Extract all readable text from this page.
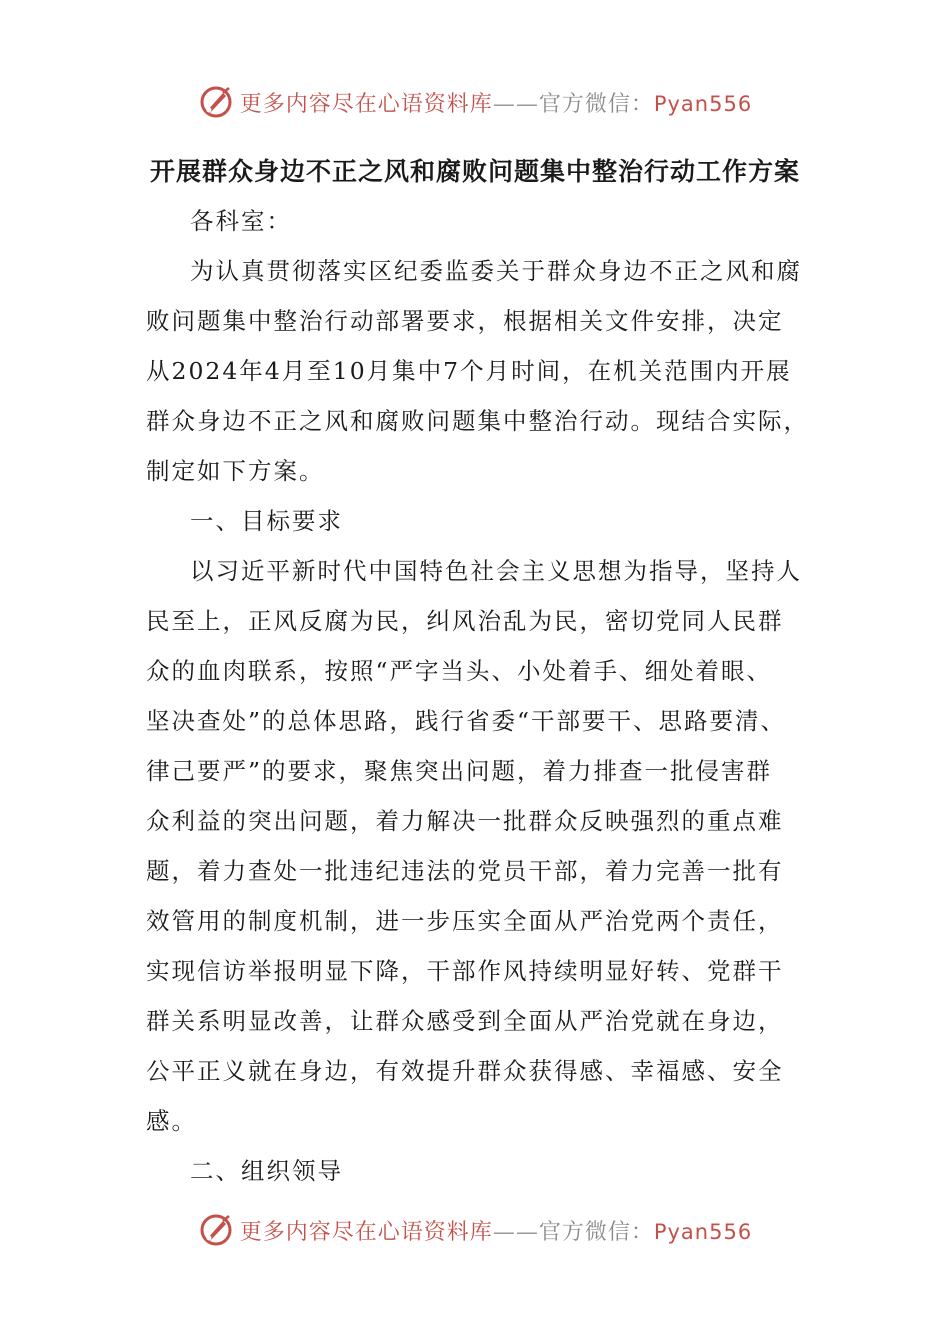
更多内容尽在心语资料库——官方微信：Pyan556
开展群众身边不正之风和腐败问题集中整治行动工作方案
各科室：
为认真贯彻落实区纪委监委关于群众身边不正之风和腐
败问题集中整治行动部署要求，根据相关文件安排，决定
从2024年4月至10月集中7个月时间，在机关范围内开展
群众身边不正之风和腐败问题集中整治行动。现结合实际，
制定如下方案。
一、目标要求
以习近平新时代中国特色社会主义思想为指导，坚持人
民至上，正风反腐为民，纠风治乱为民，密切党同人民群
众的血肉联系，按照“严字当头、小处着手、细处着眼、
坚决查处”的总体思路，践行省委“干部要干、思路要清、
律己要严”的要求，聚焦突出问题，着力排查一批侵害群
众利益的突出问题，着力解决一批群众反映强烈的重点难
题，着力查处一批违纪违法的党员干部，着力完善一批有
效管用的制度机制，进一步压实全面从严治党两个责任，
实现信访举报明显下降，干部作风持续明显好转、党群干
群关系明显改善，让群众感受到全面从严治党就在身边，
公平正义就在身边，有效提升群众获得感、幸福感、安全
感。
二、组织领导
更多内容尽在心语资料库——官方微信：Pyan556
